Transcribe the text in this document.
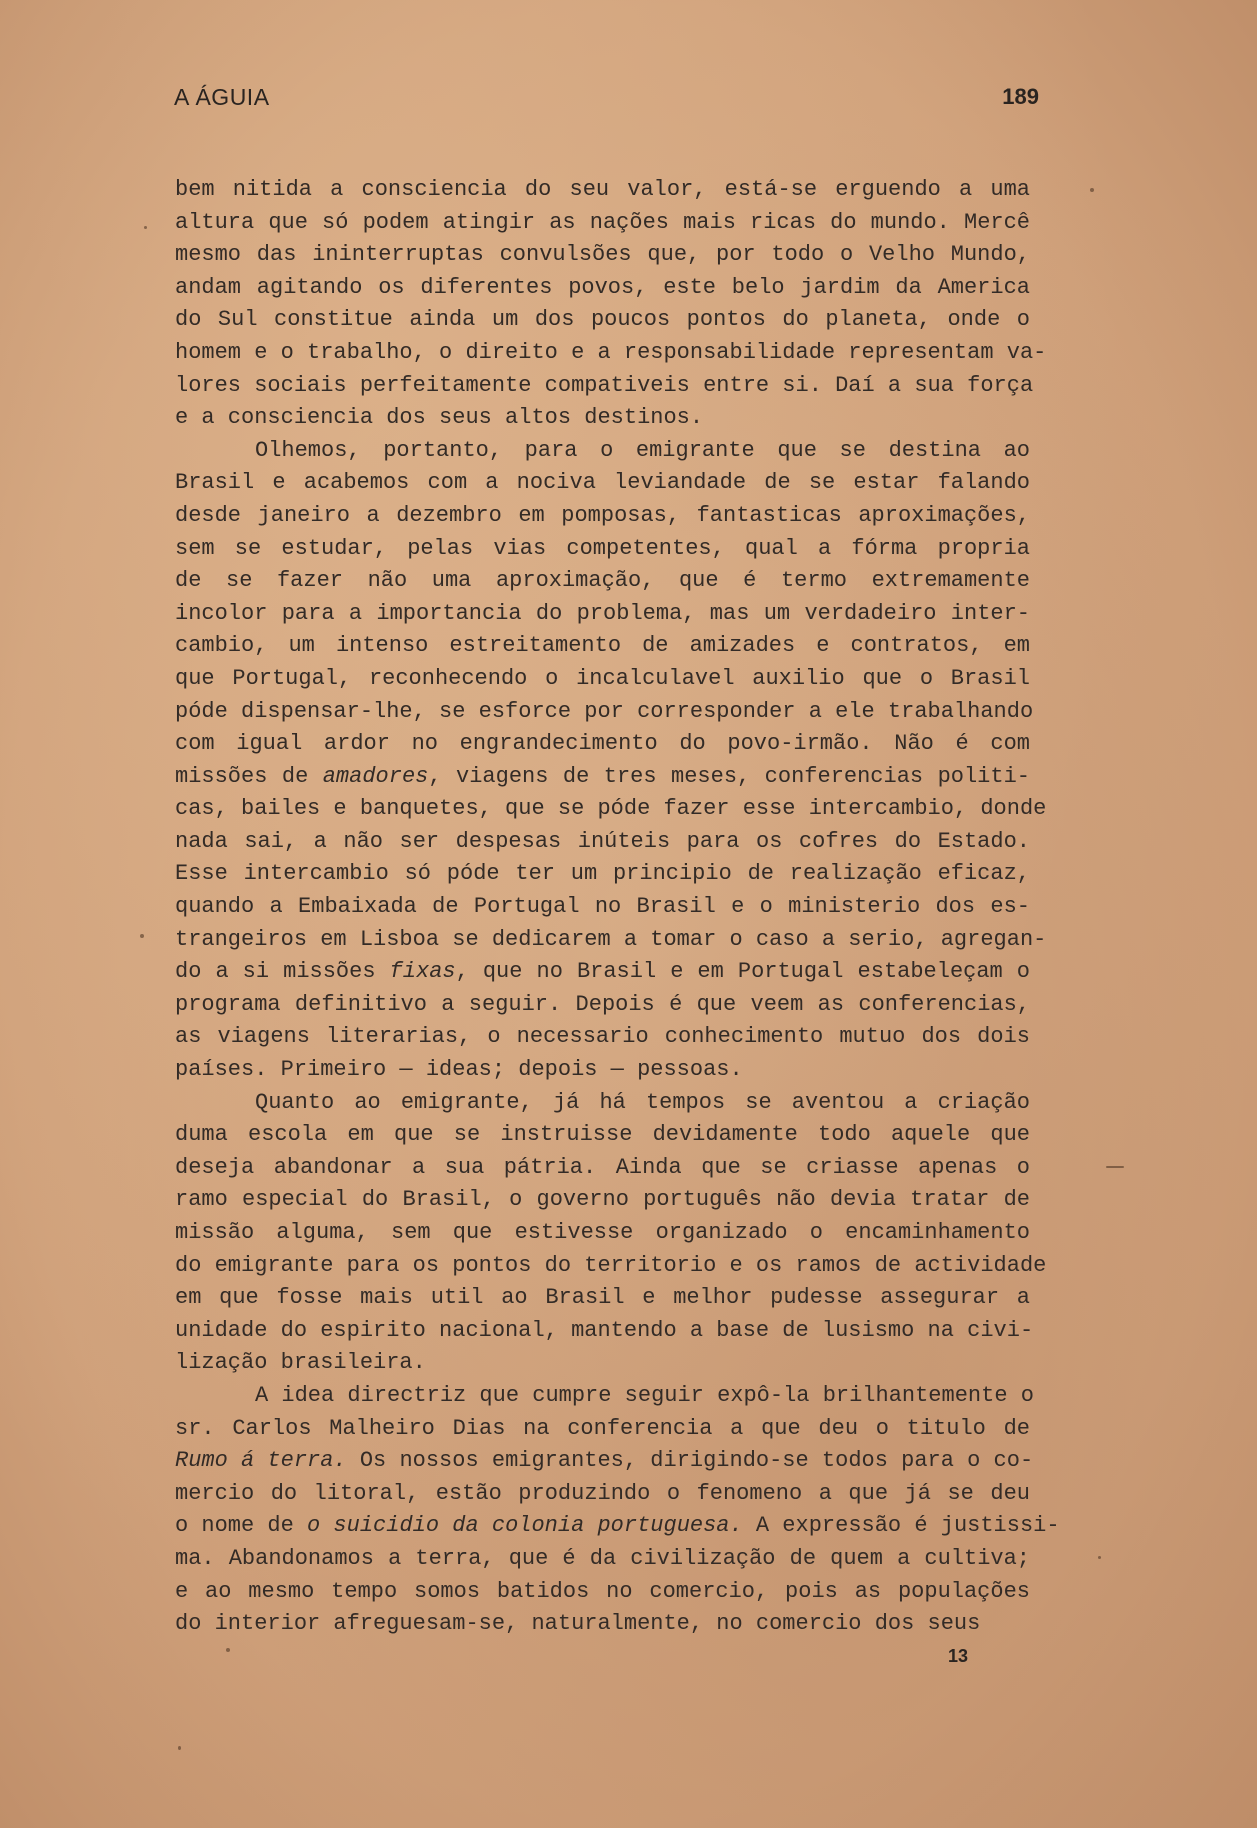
A ÁGUIA	189
bem nitida a consciencia do seu valor, está-se erguendo a uma
altura que só podem atingir as nações mais ricas do mundo. Mercê
mesmo das ininterruptas convulsões que, por todo o Velho Mundo,
andam agitando os diferentes povos, este belo jardim da America
do Sul constitue ainda um dos poucos pontos do planeta, onde o
homem e o trabalho, o direito e a responsabilidade representam va-
lores sociais perfeitamente compativeis entre si. Daí a sua força
e a consciencia dos seus altos destinos.
Olhemos, portanto, para o emigrante que se destina ao
Brasil e acabemos com a nociva leviandade de se estar falando
desde janeiro a dezembro em pomposas, fantasticas aproximações,
sem se estudar, pelas vias competentes, qual a fórma propria
de se fazer não uma aproximação, que é termo extremamente
incolor para a importancia do problema, mas um verdadeiro inter-
cambio, um intenso estreitamento de amizades e contratos, em
que Portugal, reconhecendo o incalculavel auxilio que o Brasil
póde dispensar-lhe, se esforce por corresponder a ele trabalhando
com igual ardor no engrandecimento do povo-irmão. Não é com
missões de amadores, viagens de tres meses, conferencias politi-
cas, bailes e banquetes, que se póde fazer esse intercambio, donde
nada sai, a não ser despesas inúteis para os cofres do Estado.
Esse intercambio só póde ter um principio de realização eficaz,
quando a Embaixada de Portugal no Brasil e o ministerio dos es-
trangeiros em Lisboa se dedicarem a tomar o caso a serio, agregan-
do a si missões fixas, que no Brasil e em Portugal estabeleçam o
programa definitivo a seguir. Depois é que veem as conferencias,
as viagens literarias, o necessario conhecimento mutuo dos dois
países. Primeiro — ideas; depois — pessoas.
Quanto ao emigrante, já há tempos se aventou a criação
duma escola em que se instruisse devidamente todo aquele que
deseja abandonar a sua pátria. Ainda que se criasse apenas o
ramo especial do Brasil, o governo português não devia tratar de
missão alguma, sem que estivesse organizado o encaminhamento
do emigrante para os pontos do territorio e os ramos de actividade
em que fosse mais util ao Brasil e melhor pudesse assegurar a
unidade do espirito nacional, mantendo a base de lusismo na civi-
lização brasileira.
A idea directriz que cumpre seguir expô-la brilhantemente o
sr. Carlos Malheiro Dias na conferencia a que deu o titulo de
Rumo á terra. Os nossos emigrantes, dirigindo-se todos para o co-
mercio do litoral, estão produzindo o fenomeno a que já se deu
o nome de o suicidio da colonia portuguesa. A expressão é justissi-
ma. Abandonamos a terra, que é da civilização de quem a cultiva;
e ao mesmo tempo somos batidos no comercio, pois as populações
do interior afreguesam-se, naturalmente, no comercio dos seus
13
